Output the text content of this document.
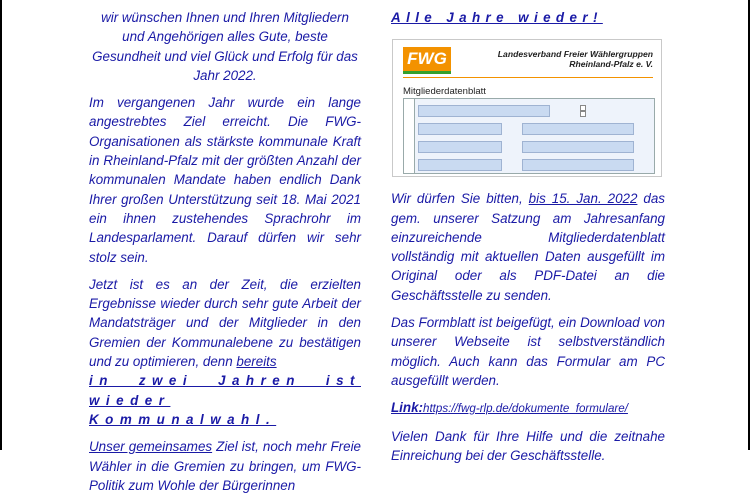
wir wünschen Ihnen und Ihren Mitgliedern und Angehörigen alles Gute, beste Gesundheit und viel Glück und Erfolg für das Jahr 2022.

Im vergangenen Jahr wurde ein lange angestrebtes Ziel erreicht. Die FWG-Organisationen als stärkste kommunale Kraft in Rheinland-Pfalz mit der größten Anzahl der kommunalen Mandate haben endlich Dank Ihrer großen Unterstützung seit 18. Mai 2021 ein ihnen zustehendes Sprachrohr im Landesparlament. Darauf dürfen wir sehr stolz sein.

Jetzt ist es an der Zeit, die erzielten Ergebnisse wieder durch sehr gute Arbeit der Mandatsträger und der Mitglieder in den Gremien der Kommunalebene zu bestätigen und zu optimieren, denn bereits
in zwei Jahren ist wieder
Kommunalwahl.

Unser gemeinsames Ziel ist, noch mehr Freie Wähler in die Gremien zu bringen, um FWG-Politik zum Wohle der Bürgerinnen

Alle Jahre wieder!

FWG	Landesverband Freier Wählergruppen
Rheinland-Pfalz e. V.
Mitgliederdatenblatt

Wir dürfen Sie bitten, bis 15. Jan. 2022 das gem. unserer Satzung am Jahresanfang einzureichende Mitgliederdatenblatt vollständig mit aktuellen Daten ausgefüllt im Original oder als PDF-Datei an die Geschäftsstelle zu senden.

Das Formblatt ist beigefügt, ein Download von unserer Webseite ist selbstverständlich möglich. Auch kann das Formular am PC ausgefüllt werden.

Link:https://fwg-rlp.de/dokumente_formulare/

Vielen Dank für Ihre Hilfe und die zeitnahe Einreichung bei der Geschäftsstelle.
